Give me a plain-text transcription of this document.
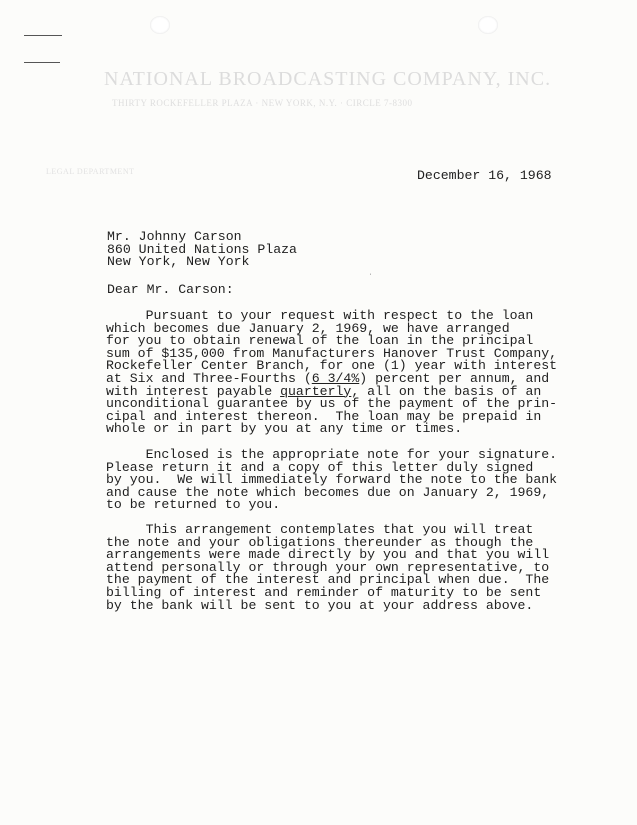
NATIONAL BROADCASTING COMPANY, INC.
THIRTY ROCKEFELLER PLAZA · NEW YORK, N.Y. · CIRCLE 7-8300
LEGAL DEPARTMENT	December 16, 1968
Mr. Johnny Carson
860 United Nations Plaza
New York, New York
ˈ
Dear Mr. Carson:
Pursuant to your request with respect to the loan
which becomes due January 2, 1969, we have arranged
for you to obtain renewal of the loan in the principal
sum of $135,000 from Manufacturers Hanover Trust Company,
Rockefeller Center Branch, for one (1) year with interest
at Six and Three-Fourths (6 3/4%) percent per annum, and
with interest payable quarterly, all on the basis of an
unconditional guarantee by us of the payment of the prin-
cipal and interest thereon.  The loan may be prepaid in
whole or in part by you at any time or times.
Enclosed is the appropriate note for your signature.
Please return it and a copy of this letter duly signed
by you.  We will immediately forward the note to the bank
and cause the note which becomes due on January 2, 1969,
to be returned to you.
This arrangement contemplates that you will treat
the note and your obligations thereunder as though the
arrangements were made directly by you and that you will
attend personally or through your own representative, to
the payment of the interest and principal when due.  The
billing of interest and reminder of maturity to be sent
by the bank will be sent to you at your address above.
